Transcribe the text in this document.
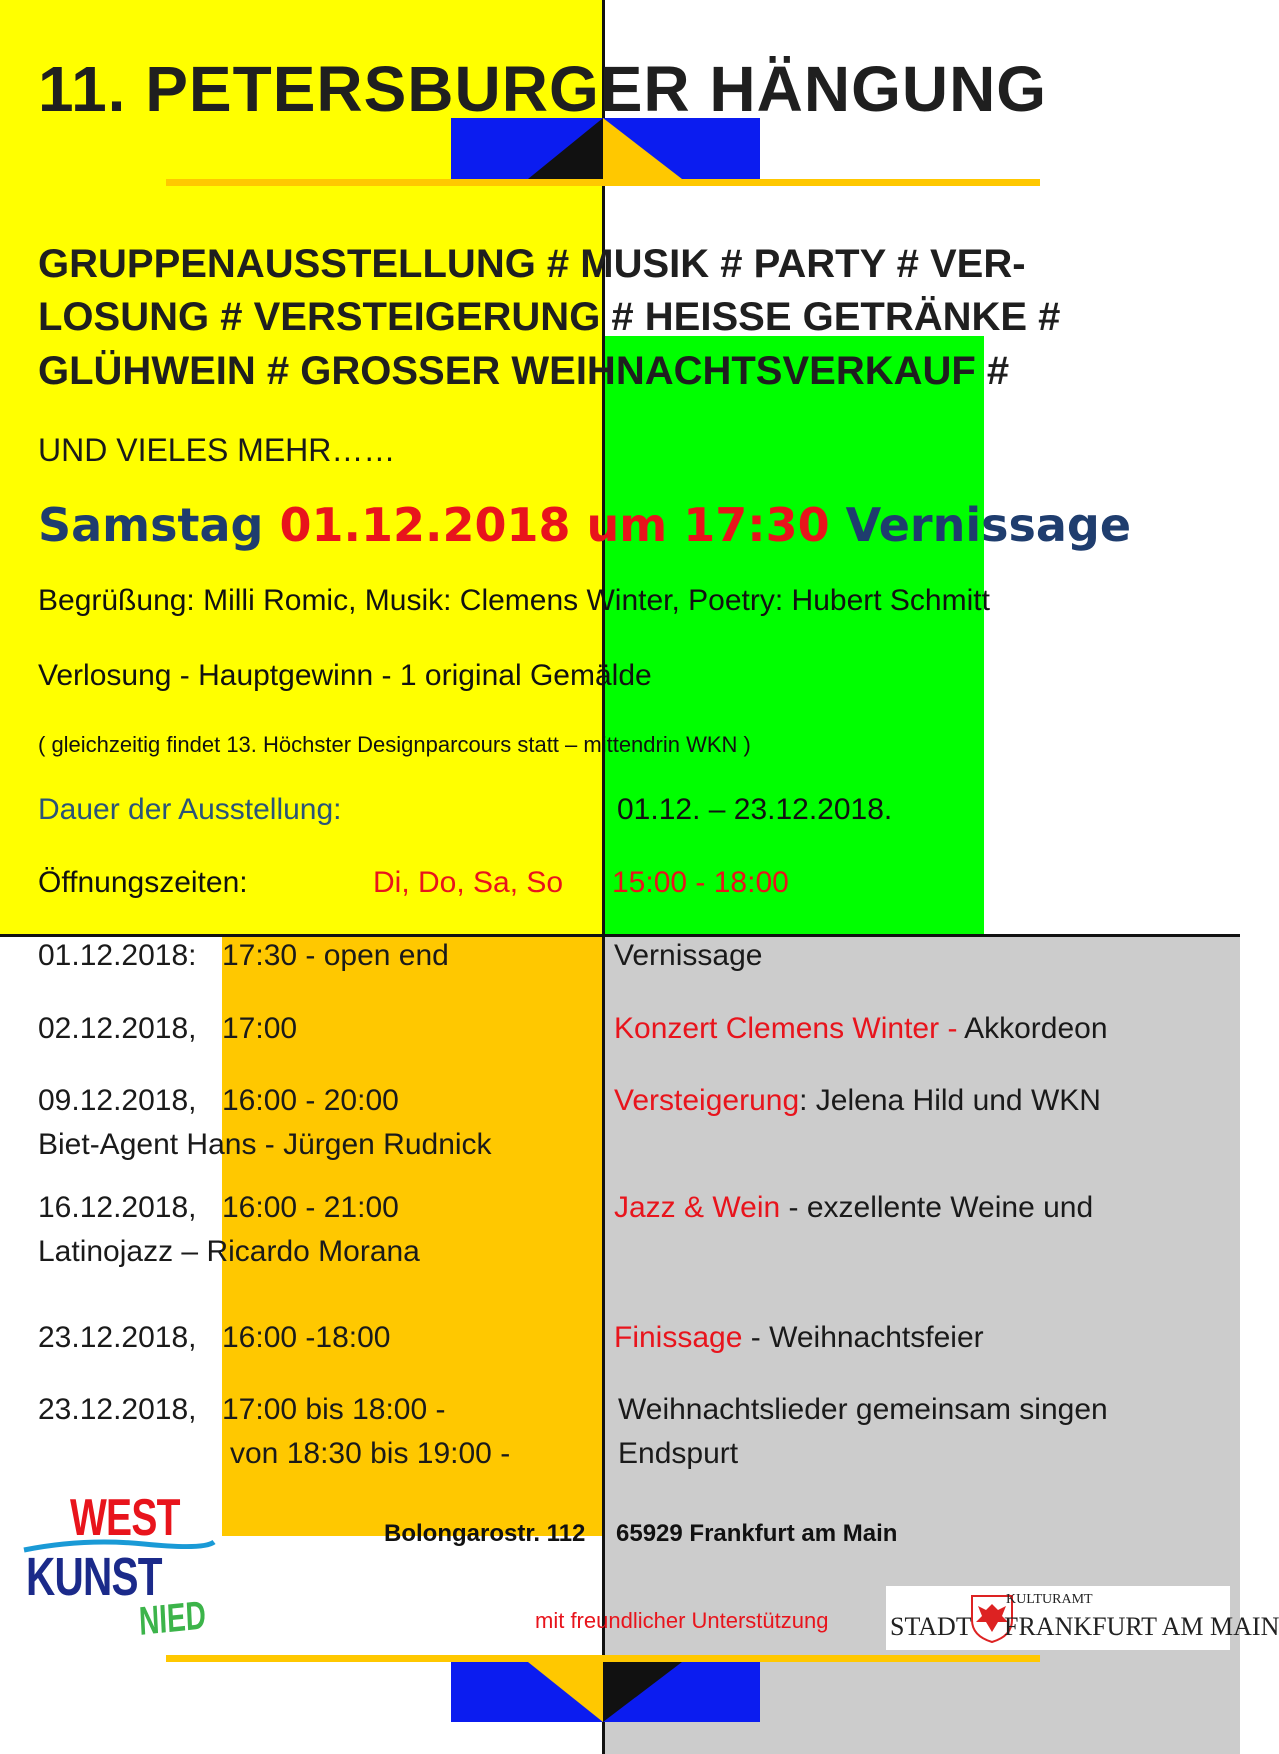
11. PETERSBURGER HÄNGUNG
GRUPPENAUSSTELLUNG # MUSIK # PARTY # VER-
LOSUNG # VERSTEIGERUNG # HEISSE GETRÄNKE #
GLÜHWEIN # GROSSER WEIHNACHTSVERKAUF #
UND VIELES MEHR……
Samstag 01.12.2018 um 17:30 Vernissage
Begrüßung: Milli Romic, Musik: Clemens Winter, Poetry: Hubert Schmitt
Verlosung - Hauptgewinn - 1 original Gemälde
( gleichzeitig findet 13. Höchster Designparcours statt – mittendrin WKN )
Dauer der Ausstellung:	01.12. – 23.12.2018.
Öffnungszeiten:	Di, Do, Sa, So 15:00 - 18:00
01.12.2018: 17:30 - open end	Vernissage
02.12.2018, 17:00	Konzert Clemens Winter - Akkordeon
09.12.2018, 16:00 - 20:00	Versteigerung: Jelena Hild und WKN
Biet-Agent Hans - Jürgen Rudnick
16.12.2018, 16:00 - 21:00	Jazz & Wein - exzellente Weine und
Latinojazz – Ricardo Morana
23.12.2018, 16:00 -18:00	Finissage - Weihnachtsfeier
23.12.2018, 17:00 bis 18:00 -	Weihnachtslieder gemeinsam singen
von 18:30 bis 19:00 -	Endspurt
Bolongarostr. 112 65929 Frankfurt am Main
WEST
KUNST
NIED	mit freundlicher Unterstützung STADT
KULTURAMT
FRANKFURT AM MAIN
